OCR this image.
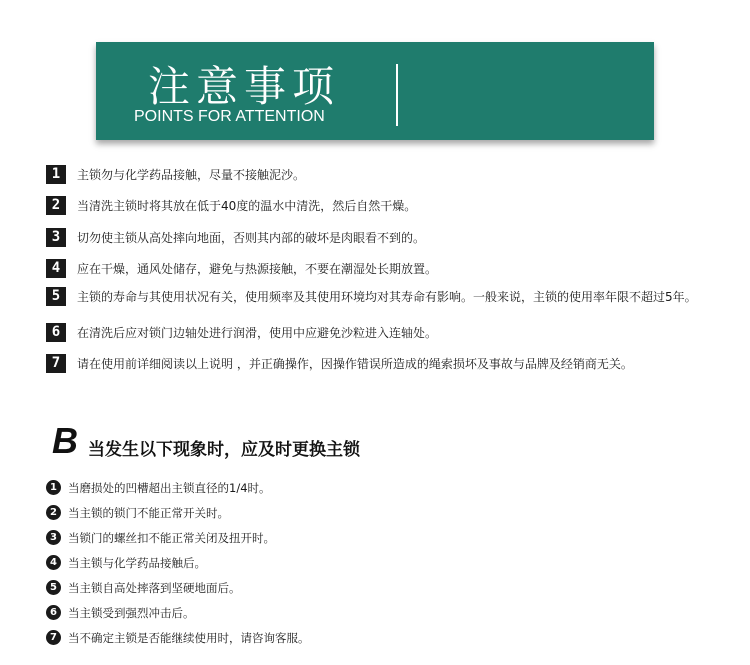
注意事项
POINTS FOR ATTENTION
1	主锁勿与化学药品接触，尽量不接触泥沙。
2	当清洗主锁时将其放在低于40度的温水中清洗，然后自然干燥。
3	切勿使主锁从高处摔向地面，否则其内部的破坏是肉眼看不到的。
4	应在干燥，通风处储存，避免与热源接触，不要在潮湿处长期放置。
5	主锁的寿命与其使用状况有关，使用频率及其使用环境均对其寿命有影响。一般来说，主锁的使用率年限不超过5年。
6	在清洗后应对锁门边轴处进行润滑，使用中应避免沙粒进入连轴处。
7	请在使用前详细阅读以上说明 ，并正确操作，因操作错误所造成的绳索损坏及事故与品牌及经销商无关。
B 当发生以下现象时，应及时更换主锁
1 当磨损处的凹槽超出主锁直径的1/4时。
2 当主锁的锁门不能正常开关时。
3 当锁门的螺丝扣不能正常关闭及扭开时。
4 当主锁与化学药品接触后。
5 当主锁自高处摔落到坚硬地面后。
6 当主锁受到强烈冲击后。
7 当不确定主锁是否能继续使用时，请咨询客服。
